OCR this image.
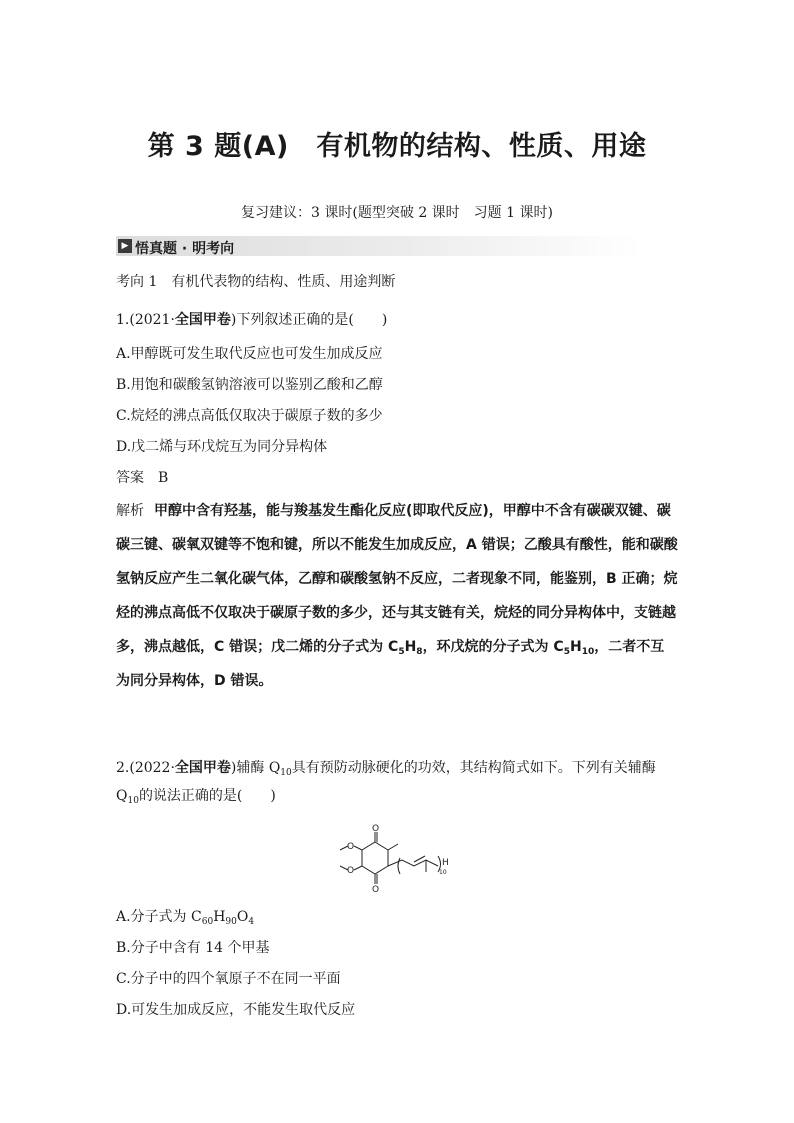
第 3 题(A)　有机物的结构、性质、用途
复习建议：3 课时(题型突破 2 课时　习题 1 课时)
▶ 悟真题 · 明考向
考向 1　有机代表物的结构、性质、用途判断
1.(2021·全国甲卷)下列叙述正确的是(　　)
A.甲醇既可发生取代反应也可发生加成反应
B.用饱和碳酸氢钠溶液可以鉴别乙酸和乙醇
C.烷烃的沸点高低仅取决于碳原子数的多少
D.戊二烯与环戊烷互为同分异构体
答案　B
解析 甲醇中含有羟基，能与羧基发生酯化反应(即取代反应)，甲醇中不含有碳碳双键、碳碳三键、碳氧双键等不饱和键，所以不能发生加成反应，A 错误；乙酸具有酸性，能和碳酸氢钠反应产生二氧化碳气体，乙醇和碳酸氢钠不反应，二者现象不同，能鉴别，B 正确；烷烃的沸点高低不仅取决于碳原子数的多少，还与其支链有关，烷烃的同分异构体中，支链越多，沸点越低，C 错误；戊二烯的分子式为 $C_5H_8$，环戊烷的分子式为 $C_5H_{10}$，二者不互为同分异构体，D 错误。
2.(2022·全国甲卷)辅酶 $Q_{10}$具有预防动脉硬化的功效，其结构简式如下。下列有关辅酶 $Q_{10}$的说法正确的是(　　)
O
O
O
O
H
10
A.分子式为 $C_{60}H_{90}O_4$
B.分子中含有 14 个甲基
C.分子中的四个氧原子不在同一平面
D.可发生加成反应，不能发生取代反应
